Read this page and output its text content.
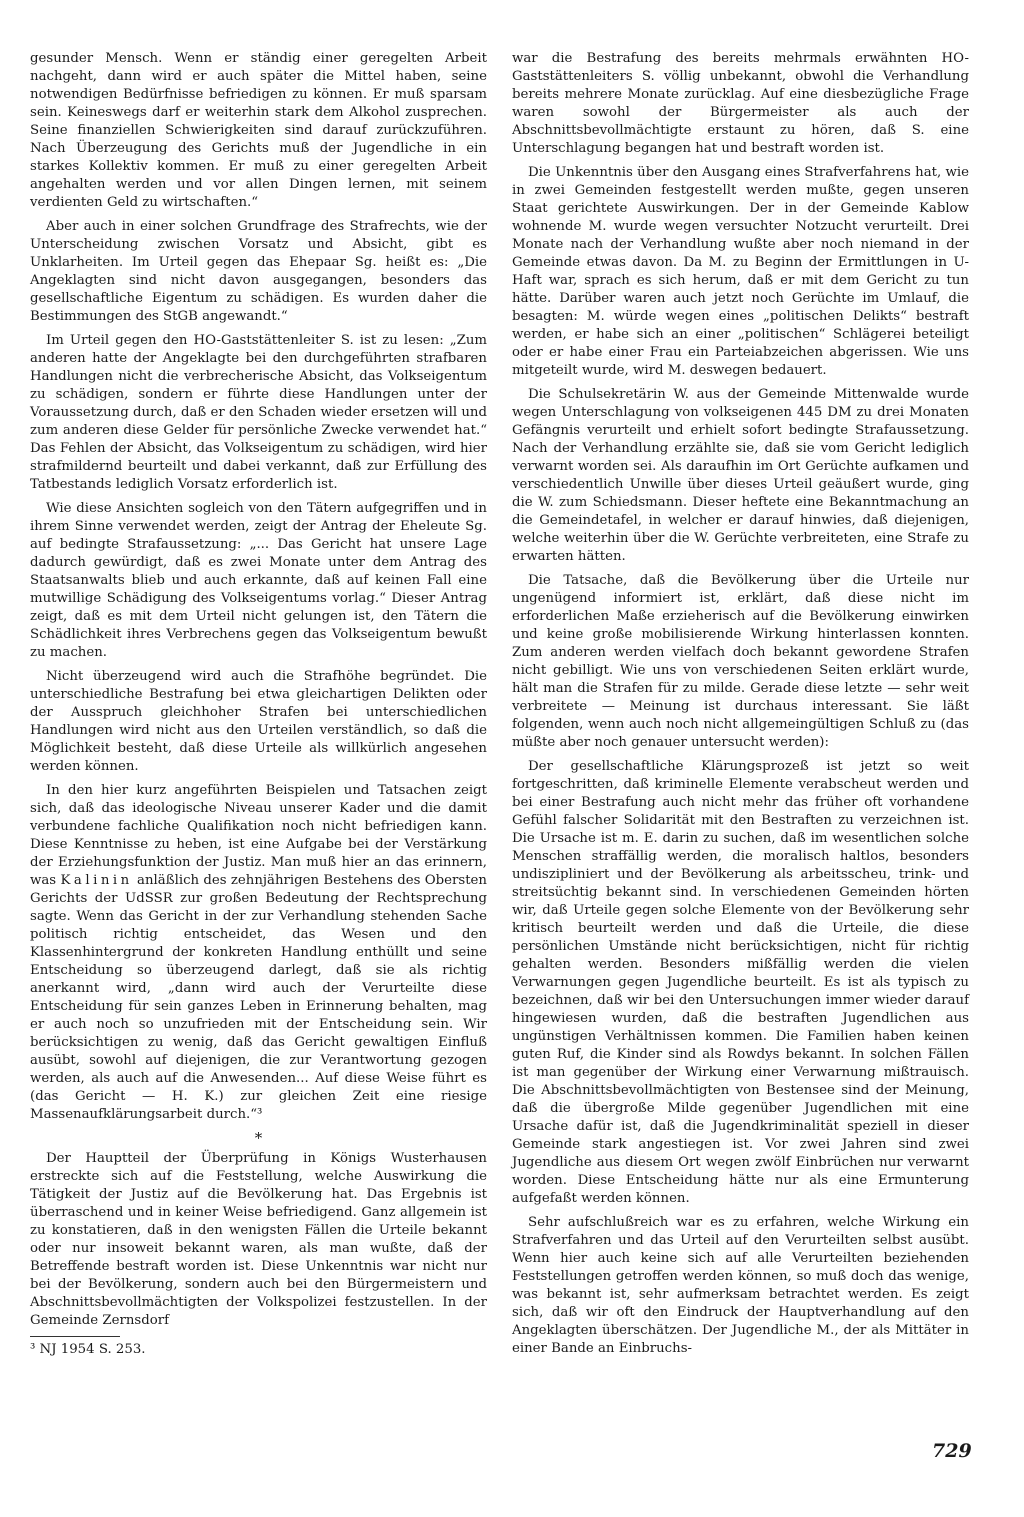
gesunder Mensch. Wenn er ständig einer geregelten Arbeit nachgeht, dann wird er auch später die Mittel haben, seine notwendigen Bedürfnisse befriedigen zu können. Er muß sparsam sein. Keineswegs darf er weiterhin stark dem Alkohol zusprechen. Seine finanziellen Schwierigkeiten sind darauf zurückzuführen. Nach Überzeugung des Gerichts muß der Jugendliche in ein starkes Kollektiv kommen. Er muß zu einer geregelten Arbeit angehalten werden und vor allen Dingen lernen, mit seinem verdienten Geld zu wirtschaften.“

Aber auch in einer solchen Grundfrage des Strafrechts, wie der Unterscheidung zwischen Vorsatz und Absicht, gibt es Unklarheiten. Im Urteil gegen das Ehepaar Sg. heißt es: „Die Angeklagten sind nicht davon ausgegangen, besonders das gesellschaftliche Eigentum zu schädigen. Es wurden daher die Bestimmungen des StGB angewandt.“

Im Urteil gegen den HO-Gaststättenleiter S. ist zu lesen: „Zum anderen hatte der Angeklagte bei den durchgeführten strafbaren Handlungen nicht die verbrecherische Absicht, das Volkseigentum zu schädigen, sondern er führte diese Handlungen unter der Voraussetzung durch, daß er den Schaden wieder ersetzen will und zum anderen diese Gelder für persönliche Zwecke verwendet hat.“ Das Fehlen der Absicht, das Volkseigentum zu schädigen, wird hier strafmildernd beurteilt und dabei verkannt, daß zur Erfüllung des Tatbestands lediglich Vorsatz erforderlich ist.

Wie diese Ansichten sogleich von den Tätern aufgegriffen und in ihrem Sinne verwendet werden, zeigt der Antrag der Eheleute Sg. auf bedingte Strafaussetzung: „... Das Gericht hat unsere Lage dadurch gewürdigt, daß es zwei Monate unter dem Antrag des Staatsanwalts blieb und auch erkannte, daß auf keinen Fall eine mutwillige Schädigung des Volkseigentums vorlag.“ Dieser Antrag zeigt, daß es mit dem Urteil nicht gelungen ist, den Tätern die Schädlichkeit ihres Verbrechens gegen das Volkseigentum bewußt zu machen.

Nicht überzeugend wird auch die Strafhöhe begründet. Die unterschiedliche Bestrafung bei etwa gleichartigen Delikten oder der Ausspruch gleichhoher Strafen bei unterschiedlichen Handlungen wird nicht aus den Urteilen verständlich, so daß die Möglichkeit besteht, daß diese Urteile als willkürlich angesehen werden können.

In den hier kurz angeführten Beispielen und Tatsachen zeigt sich, daß das ideologische Niveau unserer Kader und die damit verbundene fachliche Qualifikation noch nicht befriedigen kann. Diese Kenntnisse zu heben, ist eine Aufgabe bei der Verstärkung der Erziehungsfunktion der Justiz. Man muß hier an das erinnern, was Kalinin anläßlich des zehnjährigen Bestehens des Obersten Gerichts der UdSSR zur großen Bedeutung der Rechtsprechung sagte. Wenn das Gericht in der zur Verhandlung stehenden Sache politisch richtig entscheidet, das Wesen und den Klassenhintergrund der konkreten Handlung enthüllt und seine Entscheidung so überzeugend darlegt, daß sie als richtig anerkannt wird, „dann wird auch der Verurteilte diese Entscheidung für sein ganzes Leben in Erinnerung behalten, mag er auch noch so unzufrieden mit der Entscheidung sein. Wir berücksichtigen zu wenig, daß das Gericht gewaltigen Einfluß ausübt, sowohl auf diejenigen, die zur Verantwortung gezogen werden, als auch auf die Anwesenden... Auf diese Weise führt es (das Gericht — H. K.) zur gleichen Zeit eine riesige Massenaufklärungsarbeit durch.“³

*

Der Hauptteil der Überprüfung in Königs Wusterhausen erstreckte sich auf die Feststellung, welche Auswirkung die Tätigkeit der Justiz auf die Bevölkerung hat. Das Ergebnis ist überraschend und in keiner Weise befriedigend. Ganz allgemein ist zu konstatieren, daß in den wenigsten Fällen die Urteile bekannt oder nur insoweit bekannt waren, als man wußte, daß der Betreffende bestraft worden ist. Diese Unkenntnis war nicht nur bei der Bevölkerung, sondern auch bei den Bürgermeistern und Abschnittsbevollmächtigten der Volkspolizei festzustellen. In der Gemeinde Zernsdorf

³ NJ 1954 S. 253.

war die Bestrafung des bereits mehrmals erwähnten HO-Gaststättenleiters S. völlig unbekannt, obwohl die Verhandlung bereits mehrere Monate zurücklag. Auf eine diesbezügliche Frage waren sowohl der Bürgermeister als auch der Abschnittsbevollmächtigte erstaunt zu hören, daß S. eine Unterschlagung begangen hat und bestraft worden ist.

Die Unkenntnis über den Ausgang eines Strafverfahrens hat, wie in zwei Gemeinden festgestellt werden mußte, gegen unseren Staat gerichtete Auswirkungen. Der in der Gemeinde Kablow wohnende M. wurde wegen versuchter Notzucht verurteilt. Drei Monate nach der Verhandlung wußte aber noch niemand in der Gemeinde etwas davon. Da M. zu Beginn der Ermittlungen in U-Haft war, sprach es sich herum, daß er mit dem Gericht zu tun hätte. Darüber waren auch jetzt noch Gerüchte im Umlauf, die besagten: M. würde wegen eines „politischen Delikts“ bestraft werden, er habe sich an einer „politischen“ Schlägerei beteiligt oder er habe einer Frau ein Parteiabzeichen abgerissen. Wie uns mitgeteilt wurde, wird M. deswegen bedauert.

Die Schulsekretärin W. aus der Gemeinde Mittenwalde wurde wegen Unterschlagung von volkseigenen 445 DM zu drei Monaten Gefängnis verurteilt und erhielt sofort bedingte Strafaussetzung. Nach der Verhandlung erzählte sie, daß sie vom Gericht lediglich verwarnt worden sei. Als daraufhin im Ort Gerüchte aufkamen und verschiedentlich Unwille über dieses Urteil geäußert wurde, ging die W. zum Schiedsmann. Dieser heftete eine Bekanntmachung an die Gemeindetafel, in welcher er darauf hinwies, daß diejenigen, welche weiterhin über die W. Gerüchte verbreiteten, eine Strafe zu erwarten hätten.

Die Tatsache, daß die Bevölkerung über die Urteile nur ungenügend informiert ist, erklärt, daß diese nicht im erforderlichen Maße erzieherisch auf die Bevölkerung einwirken und keine große mobilisierende Wirkung hinterlassen konnten. Zum anderen werden vielfach doch bekannt gewordene Strafen nicht gebilligt. Wie uns von verschiedenen Seiten erklärt wurde, hält man die Strafen für zu milde. Gerade diese letzte — sehr weit verbreitete — Meinung ist durchaus interessant. Sie läßt folgenden, wenn auch noch nicht allgemeingültigen Schluß zu (das müßte aber noch genauer untersucht werden):

Der gesellschaftliche Klärungsprozeß ist jetzt so weit fortgeschritten, daß kriminelle Elemente verabscheut werden und bei einer Bestrafung auch nicht mehr das früher oft vorhandene Gefühl falscher Solidarität mit den Bestraften zu verzeichnen ist. Die Ursache ist m. E. darin zu suchen, daß im wesentlichen solche Menschen straffällig werden, die moralisch haltlos, besonders undiszipliniert und der Bevölkerung als arbeitsscheu, trink- und streitsüchtig bekannt sind. In verschiedenen Gemeinden hörten wir, daß Urteile gegen solche Elemente von der Bevölkerung sehr kritisch beurteilt werden und daß die Urteile, die diese persönlichen Umstände nicht berücksichtigen, nicht für richtig gehalten werden. Besonders mißfällig werden die vielen Verwarnungen gegen Jugendliche beurteilt. Es ist als typisch zu bezeichnen, daß wir bei den Untersuchungen immer wieder darauf hingewiesen wurden, daß die bestraften Jugendlichen aus ungünstigen Verhältnissen kommen. Die Familien haben keinen guten Ruf, die Kinder sind als Rowdys bekannt. In solchen Fällen ist man gegenüber der Wirkung einer Verwarnung mißtrauisch. Die Abschnittsbevollmächtigten von Bestensee sind der Meinung, daß die übergroße Milde gegenüber Jugendlichen mit eine Ursache dafür ist, daß die Jugendkriminalität speziell in dieser Gemeinde stark angestiegen ist. Vor zwei Jahren sind zwei Jugendliche aus diesem Ort wegen zwölf Einbrüchen nur verwarnt worden. Diese Entscheidung hätte nur als eine Ermunterung aufgefaßt werden können.

Sehr aufschlußreich war es zu erfahren, welche Wirkung ein Strafverfahren und das Urteil auf den Verurteilten selbst ausübt. Wenn hier auch keine sich auf alle Verurteilten beziehenden Feststellungen getroffen werden können, so muß doch das wenige, was bekannt ist, sehr aufmerksam betrachtet werden. Es zeigt sich, daß wir oft den Eindruck der Hauptverhandlung auf den Angeklagten überschätzen. Der Jugendliche M., der als Mittäter in einer Bande an Einbruchs-

729
